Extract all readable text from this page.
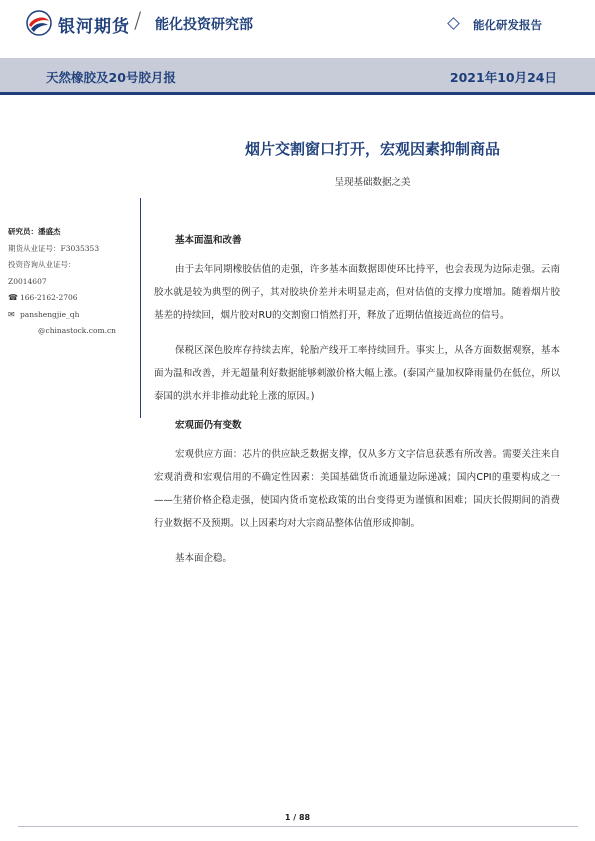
银河期货 / 能化投资研究部	能化研发报告
天然橡胶及20号胶月报	2021年10月24日
烟片交割窗口打开，宏观因素抑制商品
呈现基础数据之美
研究员：潘盛杰
期货从业证号：F3035353
投资咨询从业证号：
Z0014607
☎ 166-2162-2706
✉ panshengjie_qh
@chinastock.com.cn
基本面温和改善

由于去年同期橡胶估值的走强，许多基本面数据即使环比持平，也会表现为边际走强。云南胶水就是较为典型的例子，其对胶块价差并未明显走高，但对估值的支撑力度增加。随着烟片胶基差的持续回，烟片胶对RU的交割窗口悄然打开，释放了近期估值接近高位的信号。

保税区深色胶库存持续去库，轮胎产线开工率持续回升。事实上，从各方面数据观察，基本面为温和改善，并无超量利好数据能够刺激价格大幅上涨。(泰国产量加权降雨量仍在低位，所以泰国的洪水并非推动此轮上涨的原因。)

宏观面仍有变数

宏观供应方面：芯片的供应缺乏数据支撑，仅从多方文字信息获悉有所改善。需要关注来自宏观消费和宏观信用的不确定性因素：美国基础货币流通量边际递减；国内CPI的重要构成之一——生猪价格企稳走强，使国内货币宽松政策的出台变得更为谨慎和困难；国庆长假期间的消费行业数据不及预期。以上因素均对大宗商品整体估值形成抑制。

基本面企稳。

1 / 88
